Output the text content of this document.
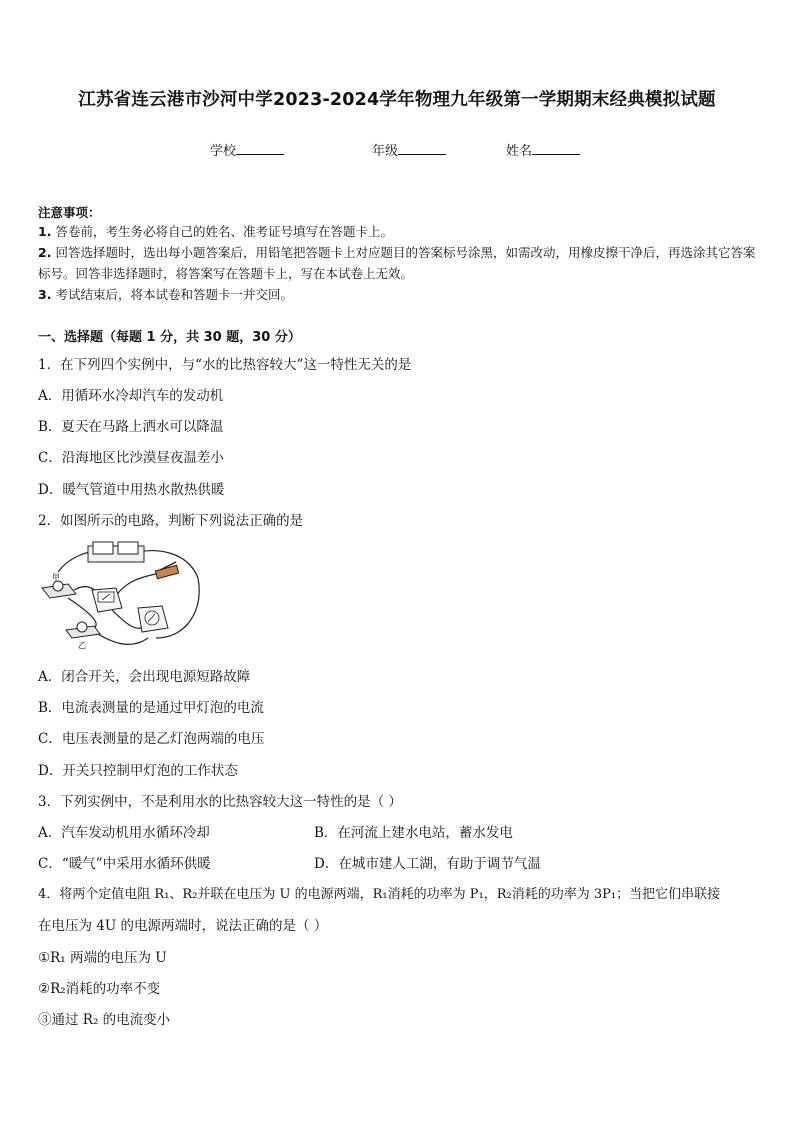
江苏省连云港市沙河中学2023-2024学年物理九年级第一学期期末经典模拟试题
学校	年级	姓名
注意事项：
1. 答卷前，考生务必将自己的姓名、准考证号填写在答题卡上。
2. 回答选择题时，选出每小题答案后，用铅笔把答题卡上对应题目的答案标号涂黑，如需改动，用橡皮擦干净后，再选涂其它答案标号。回答非选择题时，将答案写在答题卡上，写在本试卷上无效。
3. 考试结束后，将本试卷和答题卡一并交回。
一、选择题（每题 1 分，共 30 题，30 分）
1．在下列四个实例中，与“水的比热容较大”这一特性无关的是
A．用循环水冷却汽车的发动机
B．夏天在马路上洒水可以降温
C．沿海地区比沙漠昼夜温差小
D．暖气管道中用热水散热供暖
2．如图所示的电路，判断下列说法正确的是
甲
乙
A．闭合开关，会出现电源短路故障
B．电流表测量的是通过甲灯泡的电流
C．电压表测量的是乙灯泡两端的电压
D．开关只控制甲灯泡的工作状态
3．下列实例中，不是利用水的比热容较大这一特性的是（ ）
A．汽车发动机用水循环冷却	B．在河流上建水电站，蓄水发电
C．“暖气”中采用水循环供暖	D．在城市建人工湖，有助于调节气温
4．将两个定值电阻 R₁、R₂并联在电压为 U 的电源两端，R₁消耗的功率为 P₁，R₂消耗的功率为 3P₁；当把它们串联接
在电压为 4U 的电源两端时，说法正确的是（ ）
①R₁ 两端的电压为 U
②R₂消耗的功率不变
③通过 R₂ 的电流变小
